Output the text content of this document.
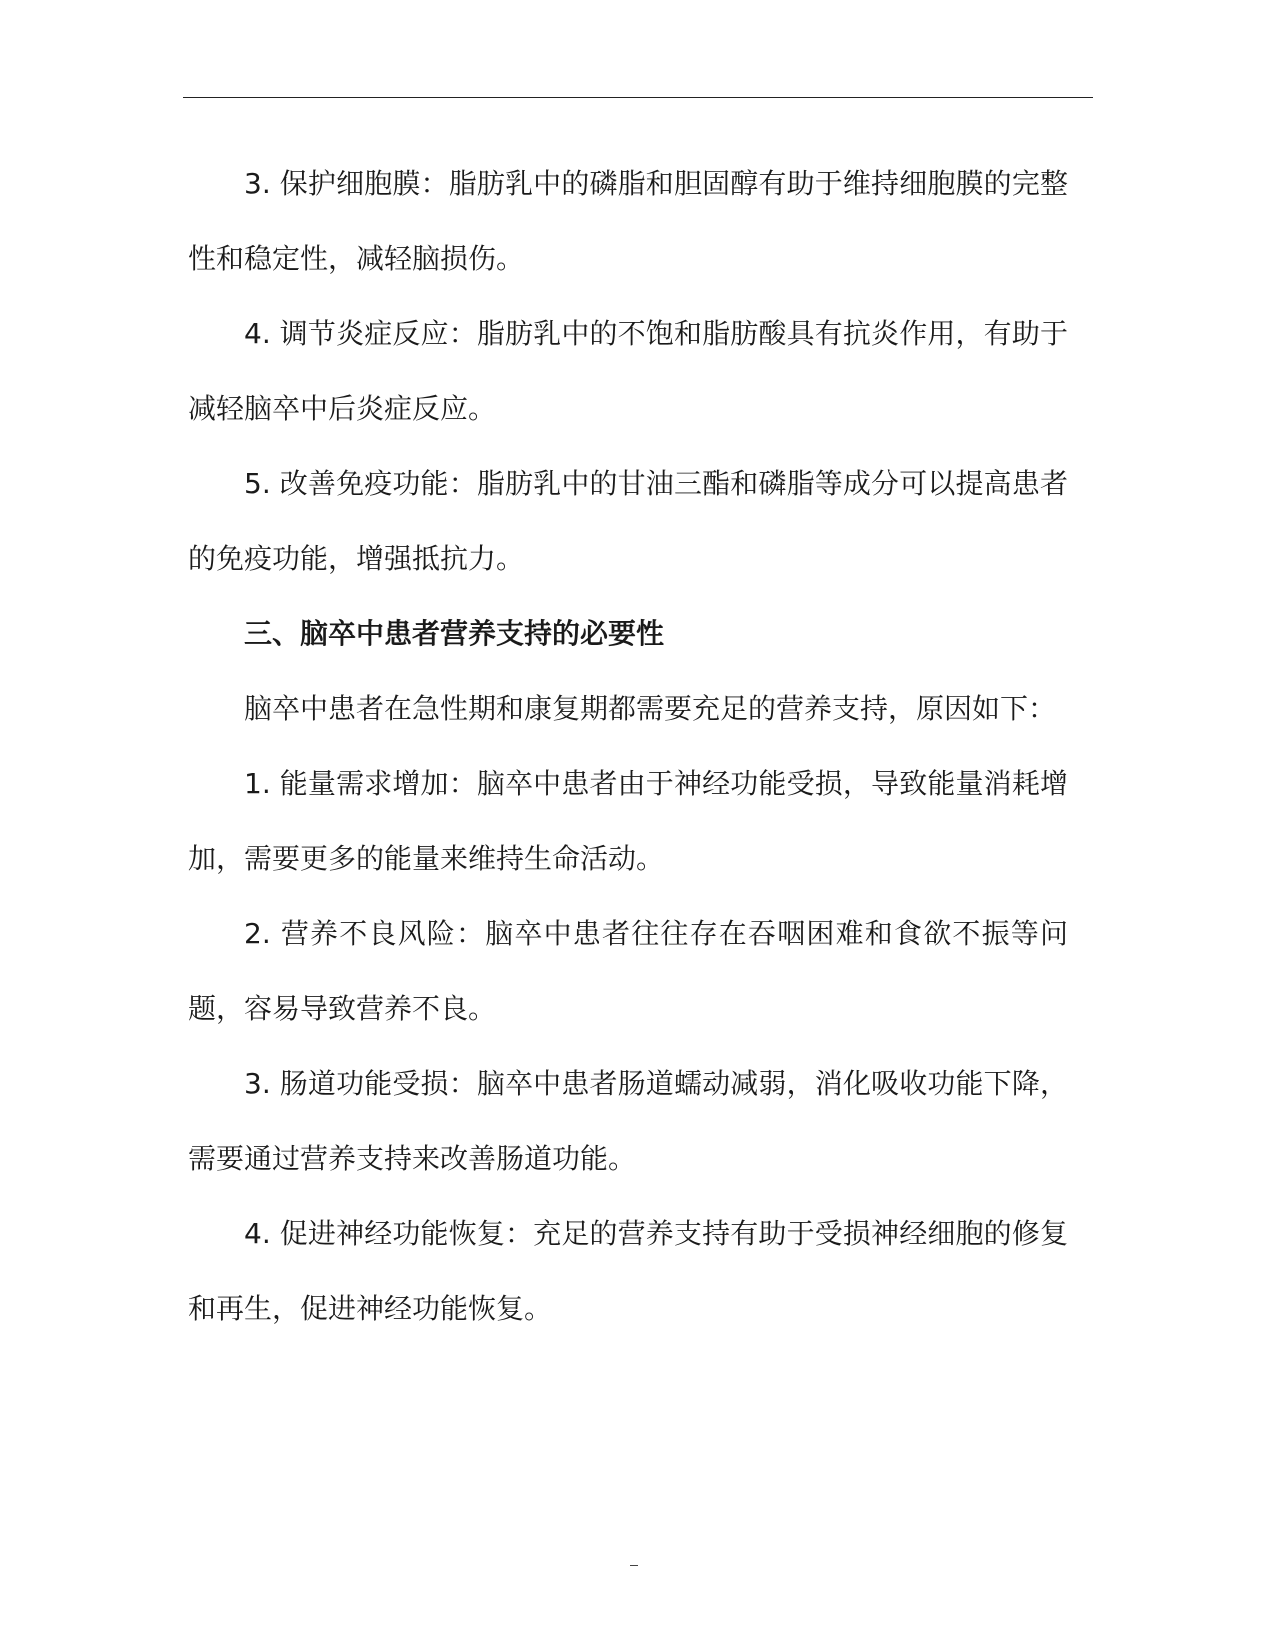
3. 保护细胞膜：脂肪乳中的磷脂和胆固醇有助于维持细胞膜的完整性和稳定性，减轻脑损伤。

4. 调节炎症反应：脂肪乳中的不饱和脂肪酸具有抗炎作用，有助于减轻脑卒中后炎症反应。

5. 改善免疫功能：脂肪乳中的甘油三酯和磷脂等成分可以提高患者的免疫功能，增强抵抗力。

三、脑卒中患者营养支持的必要性

脑卒中患者在急性期和康复期都需要充足的营养支持，原因如下：

1. 能量需求增加：脑卒中患者由于神经功能受损，导致能量消耗增加，需要更多的能量来维持生命活动。

2. 营养不良风险：脑卒中患者往往存在吞咽困难和食欲不振等问题，容易导致营养不良。

3. 肠道功能受损：脑卒中患者肠道蠕动减弱，消化吸收功能下降，需要通过营养支持来改善肠道功能。

4. 促进神经功能恢复：充足的营养支持有助于受损神经细胞的修复和再生，促进神经功能恢复。
